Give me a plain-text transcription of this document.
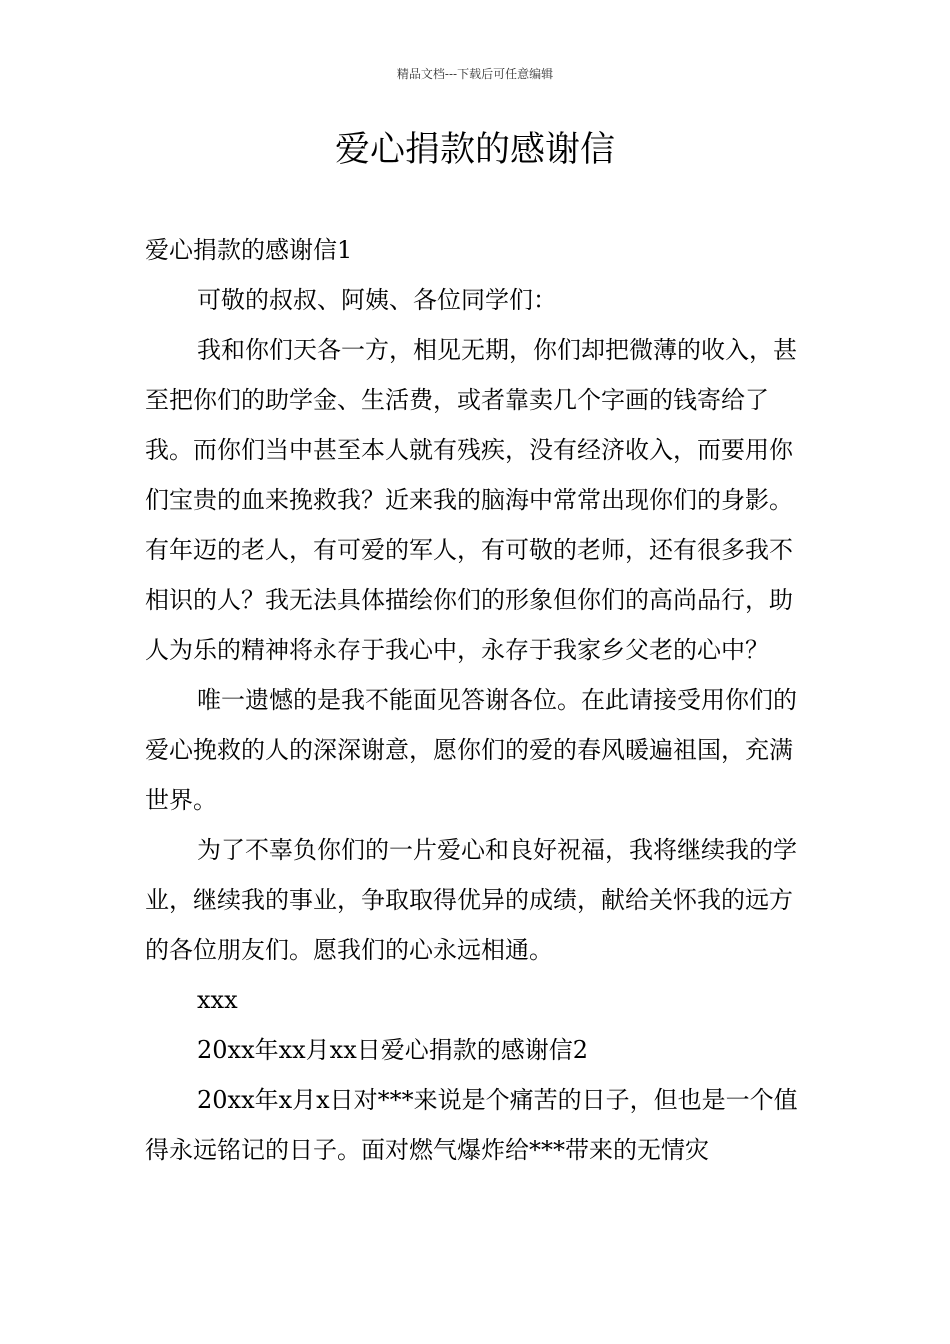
精品文档---下载后可任意编辑
爱心捐款的感谢信

爱心捐款的感谢信1

可敬的叔叔、阿姨、各位同学们：

我和你们天各一方，相见无期，你们却把微薄的收入，甚至把你们的助学金、生活费，或者靠卖几个字画的钱寄给了我。而你们当中甚至本人就有残疾，没有经济收入，而要用你们宝贵的血来挽救我？近来我的脑海中常常出现你们的身影。有年迈的老人，有可爱的军人，有可敬的老师，还有很多我不相识的人？我无法具体描绘你们的形象但你们的高尚品行，助人为乐的精神将永存于我心中，永存于我家乡父老的心中？

唯一遗憾的是我不能面见答谢各位。在此请接受用你们的爱心挽救的人的深深谢意，愿你们的爱的春风暖遍祖国，充满世界。

为了不辜负你们的一片爱心和良好祝福，我将继续我的学业，继续我的事业，争取取得优异的成绩，献给关怀我的远方的各位朋友们。愿我们的心永远相通。

xxx

20xx年xx月xx日爱心捐款的感谢信2

20xx年x月x日对***来说是个痛苦的日子，但也是一个值得永远铭记的日子。面对燃气爆炸给***带来的无情灾
